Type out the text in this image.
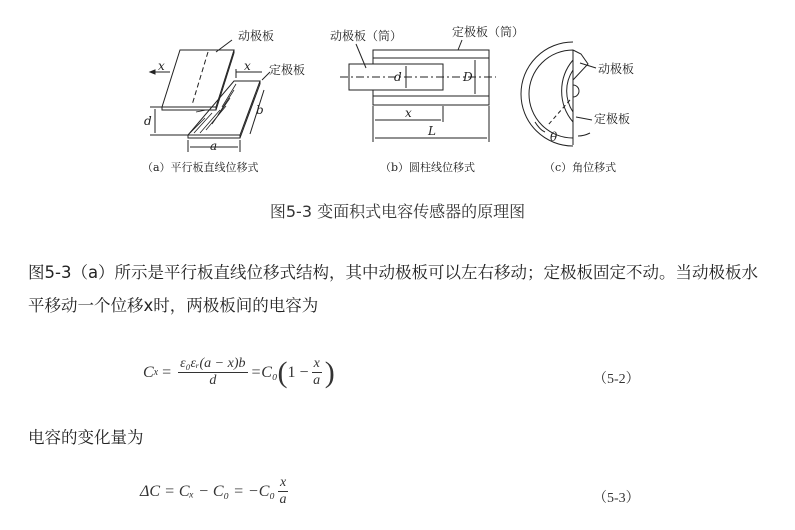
动极板
定极板
x	x
d
b
a
（a）平行板直线位移式
动极板（筒）	定极板（筒）
d	D
x
L
（b）圆柱线位移式
动极板
定极板
θ
（c）角位移式
图5-3 变面积式电容传感器的原理图
图5-3（a）所示是平行板直线位移式结构，其中动极板可以左右移动；定极板固定不动。当动极板水平移动一个位移x时，两极板间的电容为
C $x = \frac{\text{ε₀εᵣ(a − x)b}}{d} =C_0$ ( $1 - \frac{x}{a}$ )	（5-2）
电容的变化量为
$\Delta C = C_x - C_0 = -C_0 \frac{x}{a}$	（5-3）
